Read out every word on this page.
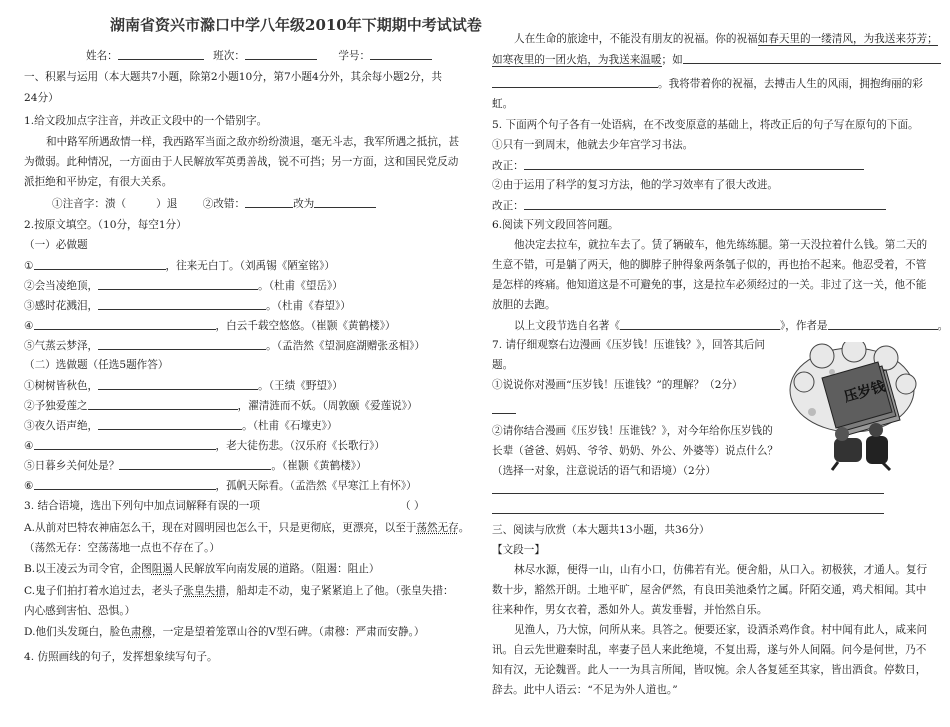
湖南省资兴市滁口中学八年级2010年下期期中考试试卷
姓名：	班次：	学号：
一、积累与运用（本大题共7小题，除第2小题10分，第7小题4分外，其余每小题2分，共
24分）
1.给文段加点字注音，并改正文段中的一个错别字。
和中路军所遇敌情一样，我西路军当面之敌亦纷纷溃退，毫无斗志，我军所遇之抵抗，甚
为微弱。此种情况，一方面由于人民解放军英勇善战，锐不可挡；另一方面，这和国民党反动
派拒绝和平协定，有很大关系。
①注音字：溃（	）退 ②改错：	改为
2.按原文填空。（10分，每空1分）
（一）必做题
①	，往来无白丁。（刘禹锡《陋室铭》）
②会当凌绝顶，	。（杜甫《望岳》）
③感时花溅泪，	。（杜甫《春望》）
④	，白云千载空悠悠。（崔颢《黄鹤楼》）
⑤气蒸云梦泽，	。（孟浩然《望洞庭湖赠张丞相》）
（二）选做题（任选5题作答）
①树树皆秋色，	。（王绩《野望》）
②予独爱莲之	，濯清涟而不妖。（周敦颐《爱莲说》）
③夜久语声绝，	。（杜甫《石壕吏》）
④	，老大徒伤悲。（汉乐府《长歌行》）
⑤日暮乡关何处是？	。（崔颢《黄鹤楼》）
⑥	，孤帆天际看。（孟浩然《早寒江上有怀》）
3. 结合语境，选出下列句中加点词解释有误的一项	（ ）
A.从前对巴特农神庙怎么干，现在对圆明园也怎么干，只是更彻底，更漂亮，以至于荡然无存。
（荡然无存：空荡荡地一点也不存在了。）
B.以王凌云为司令官，企图阻遏人民解放军向南发展的道路。（阻遏：阻止）
C.鬼子们拍打着水追过去，老头子张皇失措，船却走不动，鬼子紧紧追上了他。（张皇失措：
内心感到害怕、恐惧。）
D.他们头发斑白，脸色肃穆，一定是望着笼罩山谷的V型石碑。（肃穆：严肃而安静。）
4. 仿照画线的句子，发挥想象续写句子。
人在生命的旅途中，不能没有朋友的祝福。你的祝福如春天里的一缕清风，为我送来芬芳；
如寒夜里的一团火焰，为我送来温暖；如
。我将带着你的祝福，去搏击人生的风雨，拥抱绚丽的彩
虹。
5. 下面两个句子各有一处语病，在不改变原意的基础上，将改正后的句子写在原句的下面。
①只有一到周末，他就去少年宫学习书法。
改正：
②由于运用了科学的复习方法，他的学习效率有了很大改进。
改正：
6.阅读下列文段回答问题。
他决定去拉车，就拉车去了。赁了辆破车，他先练练腿。第一天没拉着什么钱。第二天的
生意不错，可是躺了两天，他的脚脖子肿得象两条瓠子似的，再也抬不起来。他忍受着，不管
是怎样的疼痛。他知道这是不可避免的事，这是拉车必须经过的一关。非过了这一关，他不能
放胆的去跑。
以上文段节选自名著《	》，作者是	。
7. 请仔细观察右边漫画《压岁钱！压谁钱？》，回答其后问
题。
①说说你对漫画“压岁钱！压谁钱？”的理解？（2分）
②请你结合漫画《压岁钱！压谁钱？》，对今年给你压岁钱的
长辈（爸爸、妈妈、爷爷、奶奶、外公、外婆等）说点什么？
（选择一对象，注意说话的语气和语境）（2分）
三、阅读与欣赏（本大题共13小题，共36分）
【文段一】
林尽水源，便得一山，山有小口，仿佛若有光。便舍船，从口入。初极狭，才通人。复行
数十步，豁然开朗。土地平旷，屋舍俨然，有良田美池桑竹之属。阡陌交通，鸡犬相闻。其中
往来种作，男女衣着，悉如外人。黄发垂髫，并怡然自乐。
见渔人，乃大惊，问所从来。具答之。便要还家，设酒杀鸡作食。村中闻有此人，咸来问
讯。自云先世避秦时乱，率妻子邑人来此绝境，不复出焉，遂与外人间隔。问今是何世，乃不
知有汉，无论魏晋。此人一一为具言所闻，皆叹惋。余人各复延至其家，皆出酒食。停数日，
辞去。此中人语云：“不足为外人道也。”
压岁钱
